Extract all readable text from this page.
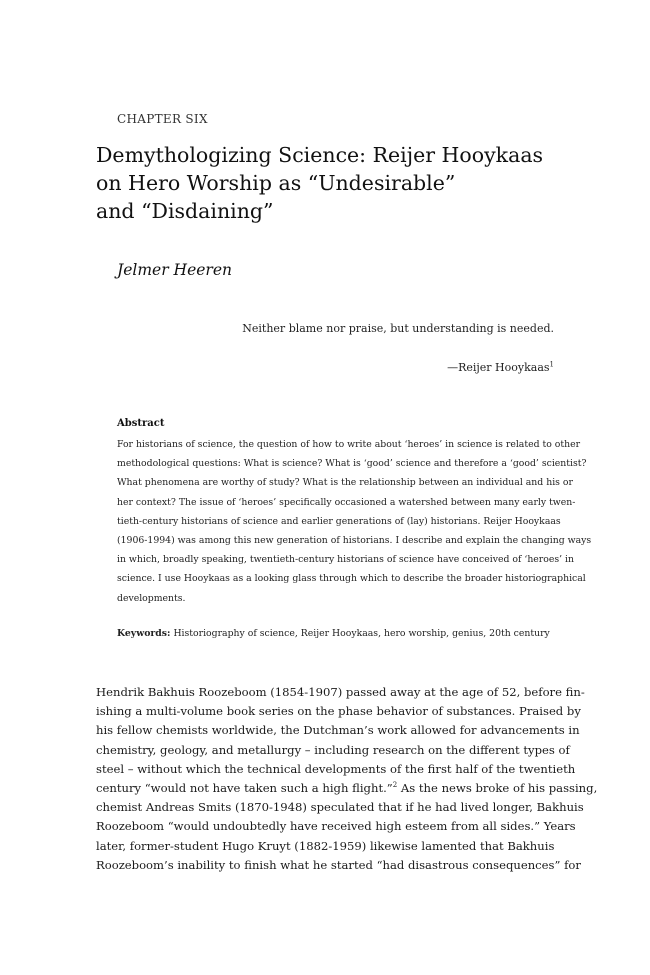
CHAPTER SIX
Demythologizing Science: Reijer Hooykaas
on Hero Worship as “Undesirable”
and “Disdaining”
Jelmer Heeren
Neither blame nor praise, but understanding is needed.
—Reijer Hooykaas$^1$
Abstract
For historians of science, the question of how to write about ‘heroes’ in science is related to other
methodological questions: What is science? What is ‘good’ science and therefore a ‘good’ scientist?
What phenomena are worthy of study? What is the relationship between an individual and his or
her context? The issue of ‘heroes’ specifically occasioned a watershed between many early twen-
tieth-century historians of science and earlier generations of (lay) historians. Reijer Hooykaas
(1906-1994) was among this new generation of historians. I describe and explain the changing ways
in which, broadly speaking, twentieth-century historians of science have conceived of ‘heroes’ in
science. I use Hooykaas as a looking glass through which to describe the broader historiographical
developments.
Keywords: Historiography of science, Reijer Hooykaas, hero worship, genius, 20th century
Hendrik Bakhuis Roozeboom (1854-1907) passed away at the age of 52, before fin-
ishing a multi-volume book series on the phase behavior of substances. Praised by
his fellow chemists worldwide, the Dutchman’s work allowed for advancements in
chemistry, geology, and metallurgy – including research on the different types of
steel – without which the technical developments of the first half of the twentieth
century “would not have taken such a high flight.”$^2$ As the news broke of his passing,
chemist Andreas Smits (1870-1948) speculated that if he had lived longer, Bakhuis
Roozeboom “would undoubtedly have received high esteem from all sides.” Years
later, former-student Hugo Kruyt (1882-1959) likewise lamented that Bakhuis
Roozeboom’s inability to finish what he started “had disastrous consequences” for
